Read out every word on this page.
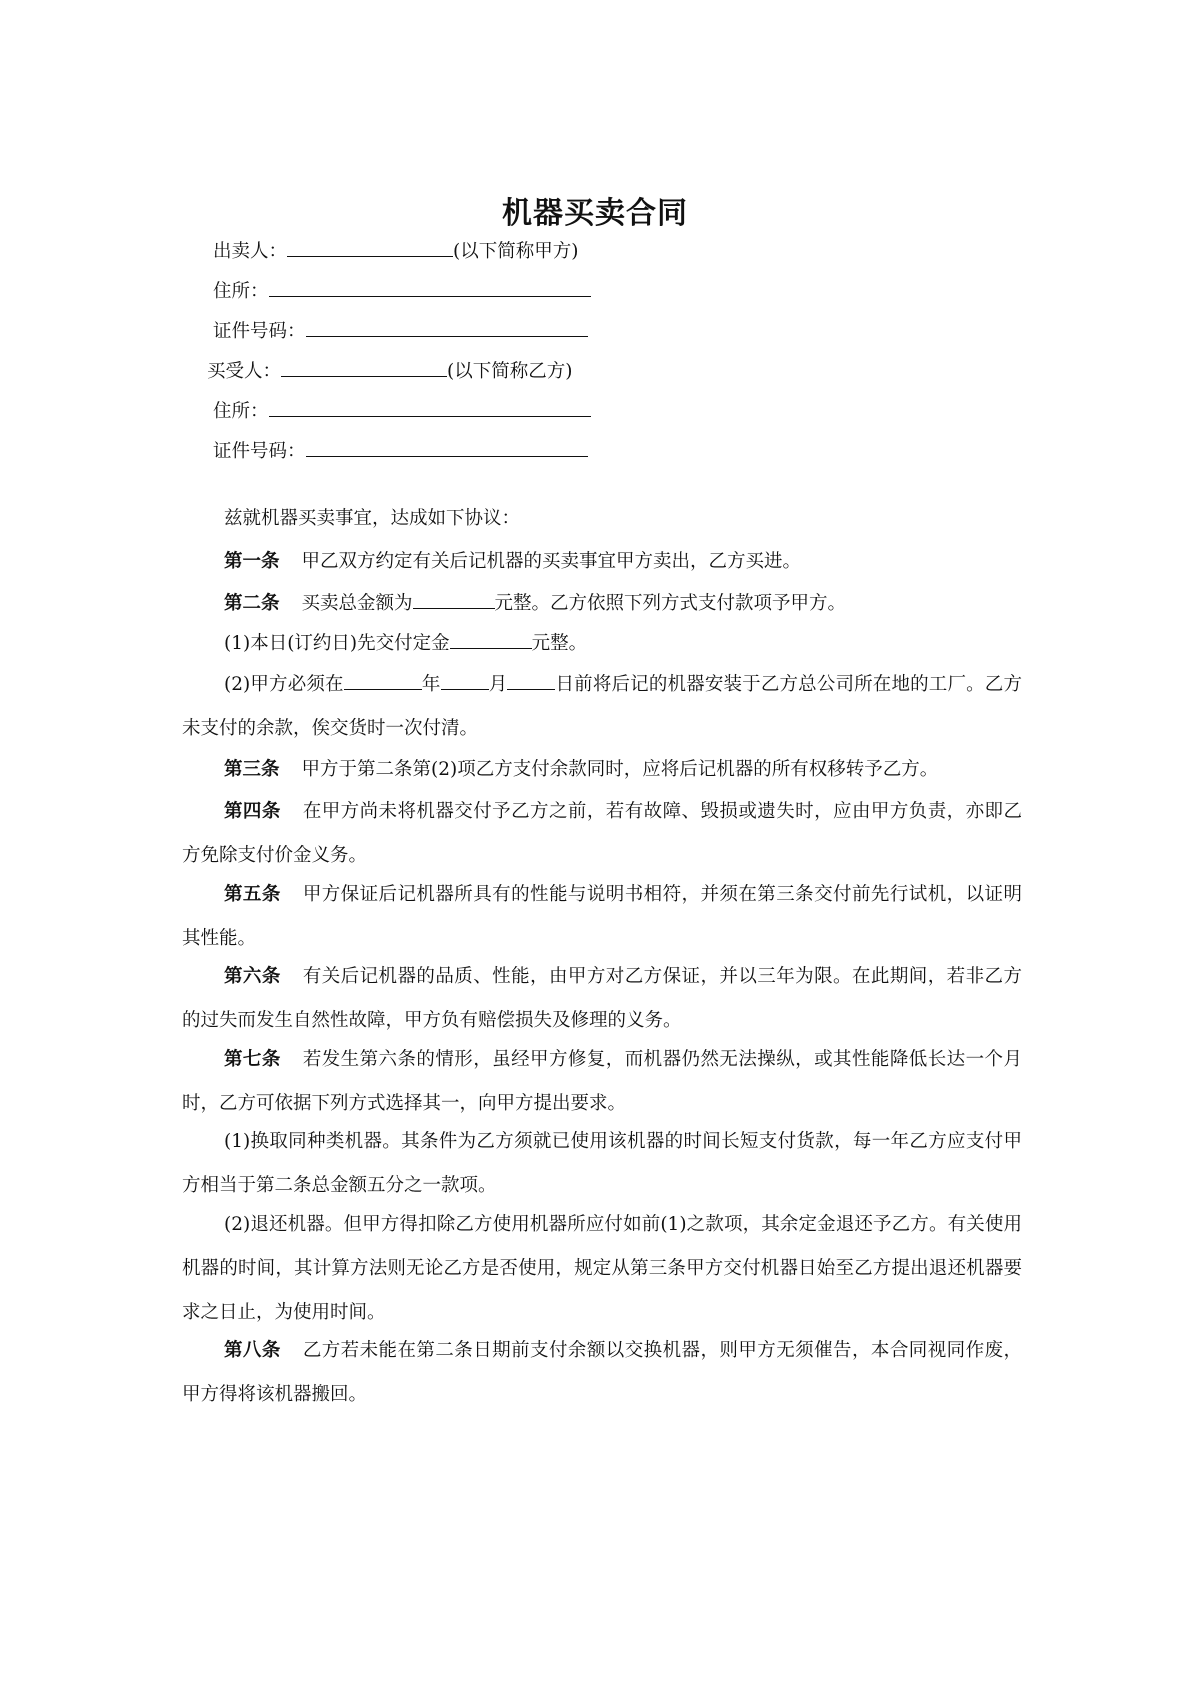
机器买卖合同
出卖人：	(以下简称甲方)
住所：
证件号码：
买受人：	(以下简称乙方)
住所：
证件号码：
兹就机器买卖事宜，达成如下协议：
第一条 甲乙双方约定有关后记机器的买卖事宜甲方卖出，乙方买进。
第二条 买卖总金额为	元整。乙方依照下列方式支付款项予甲方。
(1)本日(订约日)先交付定金	元整。
(2)甲方必须在	年	月	日前将后记的机器安装于乙方总公司所在地的工厂。乙方未支付的余款，俟交货时一次付清。
第三条 甲方于第二条第(2)项乙方支付余款同时，应将后记机器的所有权移转予乙方。
第四条 在甲方尚未将机器交付予乙方之前，若有故障、毁损或遗失时，应由甲方负责，亦即乙方免除支付价金义务。
第五条 甲方保证后记机器所具有的性能与说明书相符，并须在第三条交付前先行试机，以证明其性能。
第六条 有关后记机器的品质、性能，由甲方对乙方保证，并以三年为限。在此期间，若非乙方的过失而发生自然性故障，甲方负有赔偿损失及修理的义务。
第七条 若发生第六条的情形，虽经甲方修复，而机器仍然无法操纵，或其性能降低长达一个月时，乙方可依据下列方式选择其一，向甲方提出要求。
(1)换取同种类机器。其条件为乙方须就已使用该机器的时间长短支付货款，每一年乙方应支付甲方相当于第二条总金额五分之一款项。
(2)退还机器。但甲方得扣除乙方使用机器所应付如前(1)之款项，其余定金退还予乙方。有关使用机器的时间，其计算方法则无论乙方是否使用，规定从第三条甲方交付机器日始至乙方提出退还机器要求之日止，为使用时间。
第八条 乙方若未能在第二条日期前支付余额以交换机器，则甲方无须催告，本合同视同作废，甲方得将该机器搬回。
